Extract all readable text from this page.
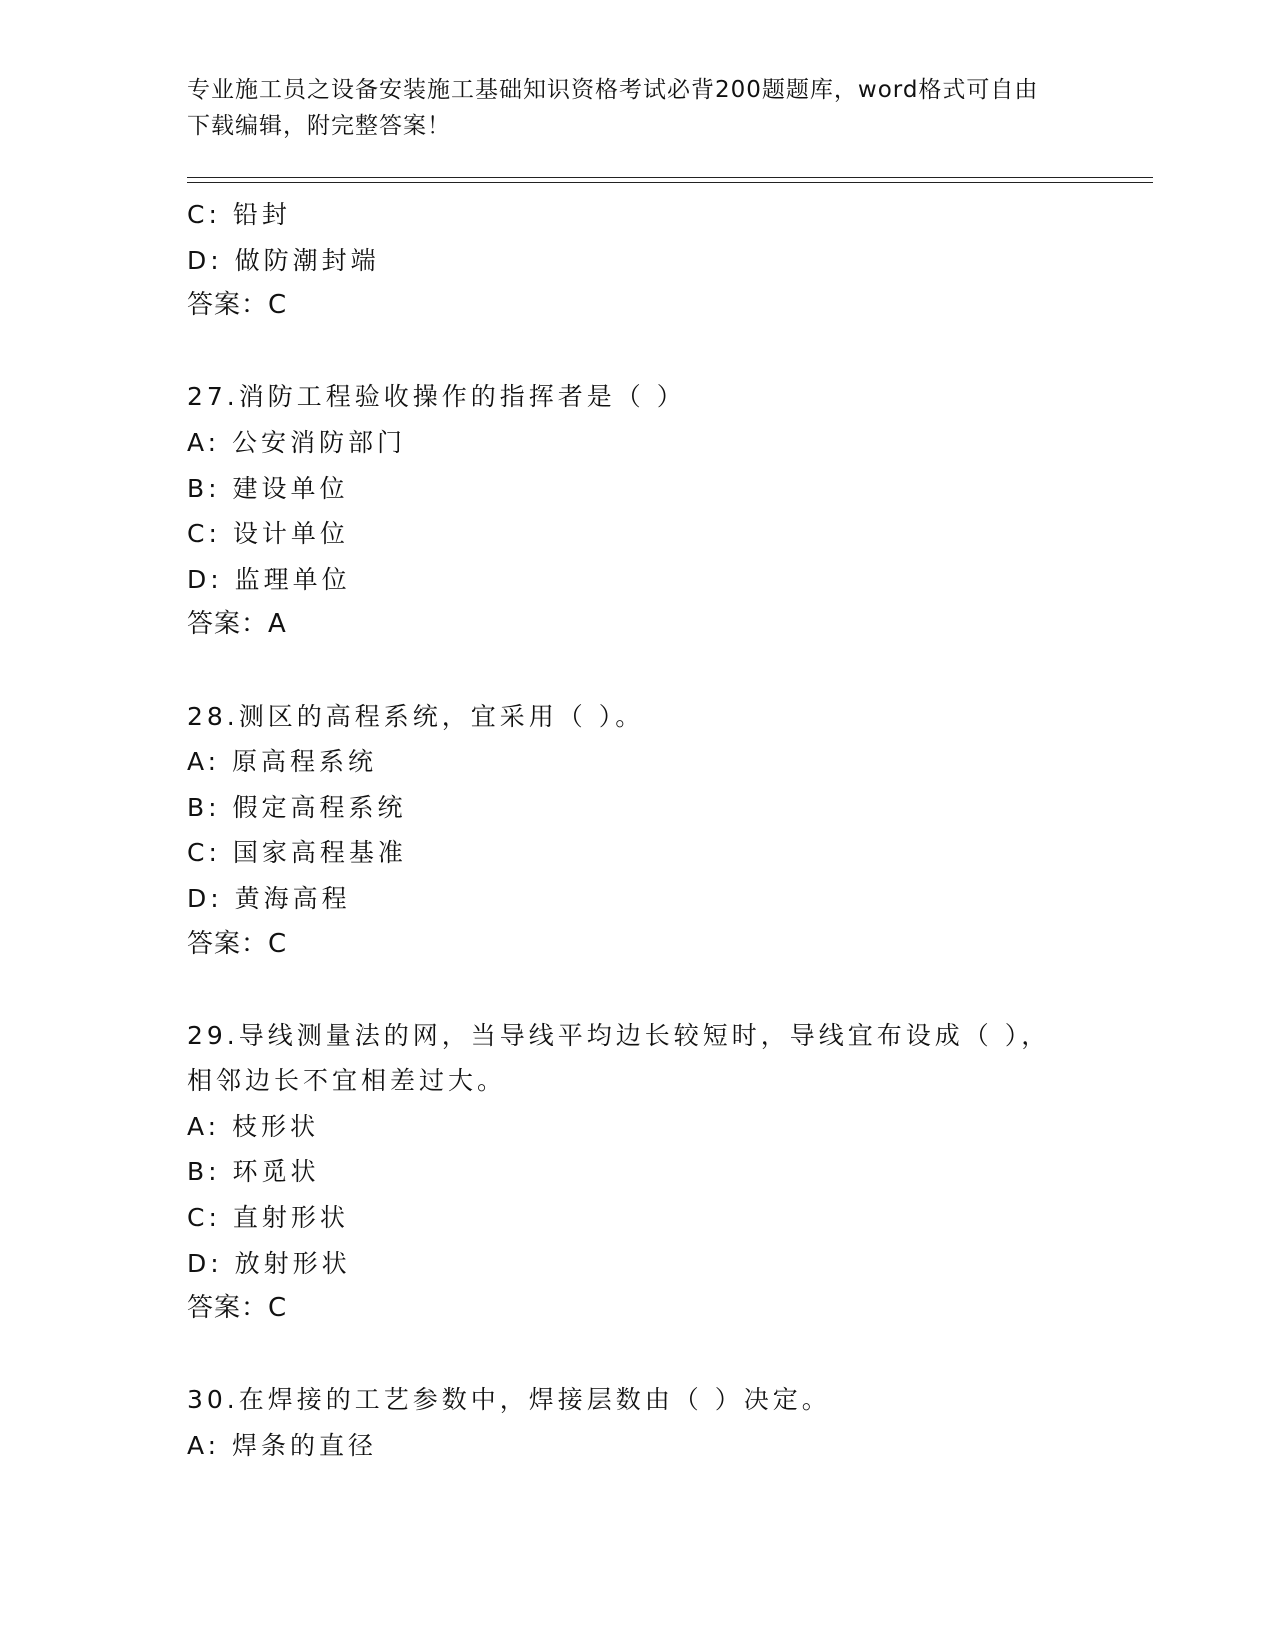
专业施工员之设备安装施工基础知识资格考试必背200题题库，word格式可自由
下载编辑，附完整答案！
C: 铅封
D: 做防潮封端
答案：C
27.消防工程验收操作的指挥者是（ ）
A: 公安消防部门
B: 建设单位
C: 设计单位
D: 监理单位
答案：A
28.测区的高程系统，宜采用（ ）。
A: 原高程系统
B: 假定高程系统
C: 国家高程基准
D: 黄海高程
答案：C
29.导线测量法的网，当导线平均边长较短时，导线宜布设成（ ），
相邻边长不宜相差过大。
A: 枝形状
B: 环觅状
C: 直射形状
D: 放射形状
答案：C
30.在焊接的工艺参数中，焊接层数由（ ）决定。
A: 焊条的直径
